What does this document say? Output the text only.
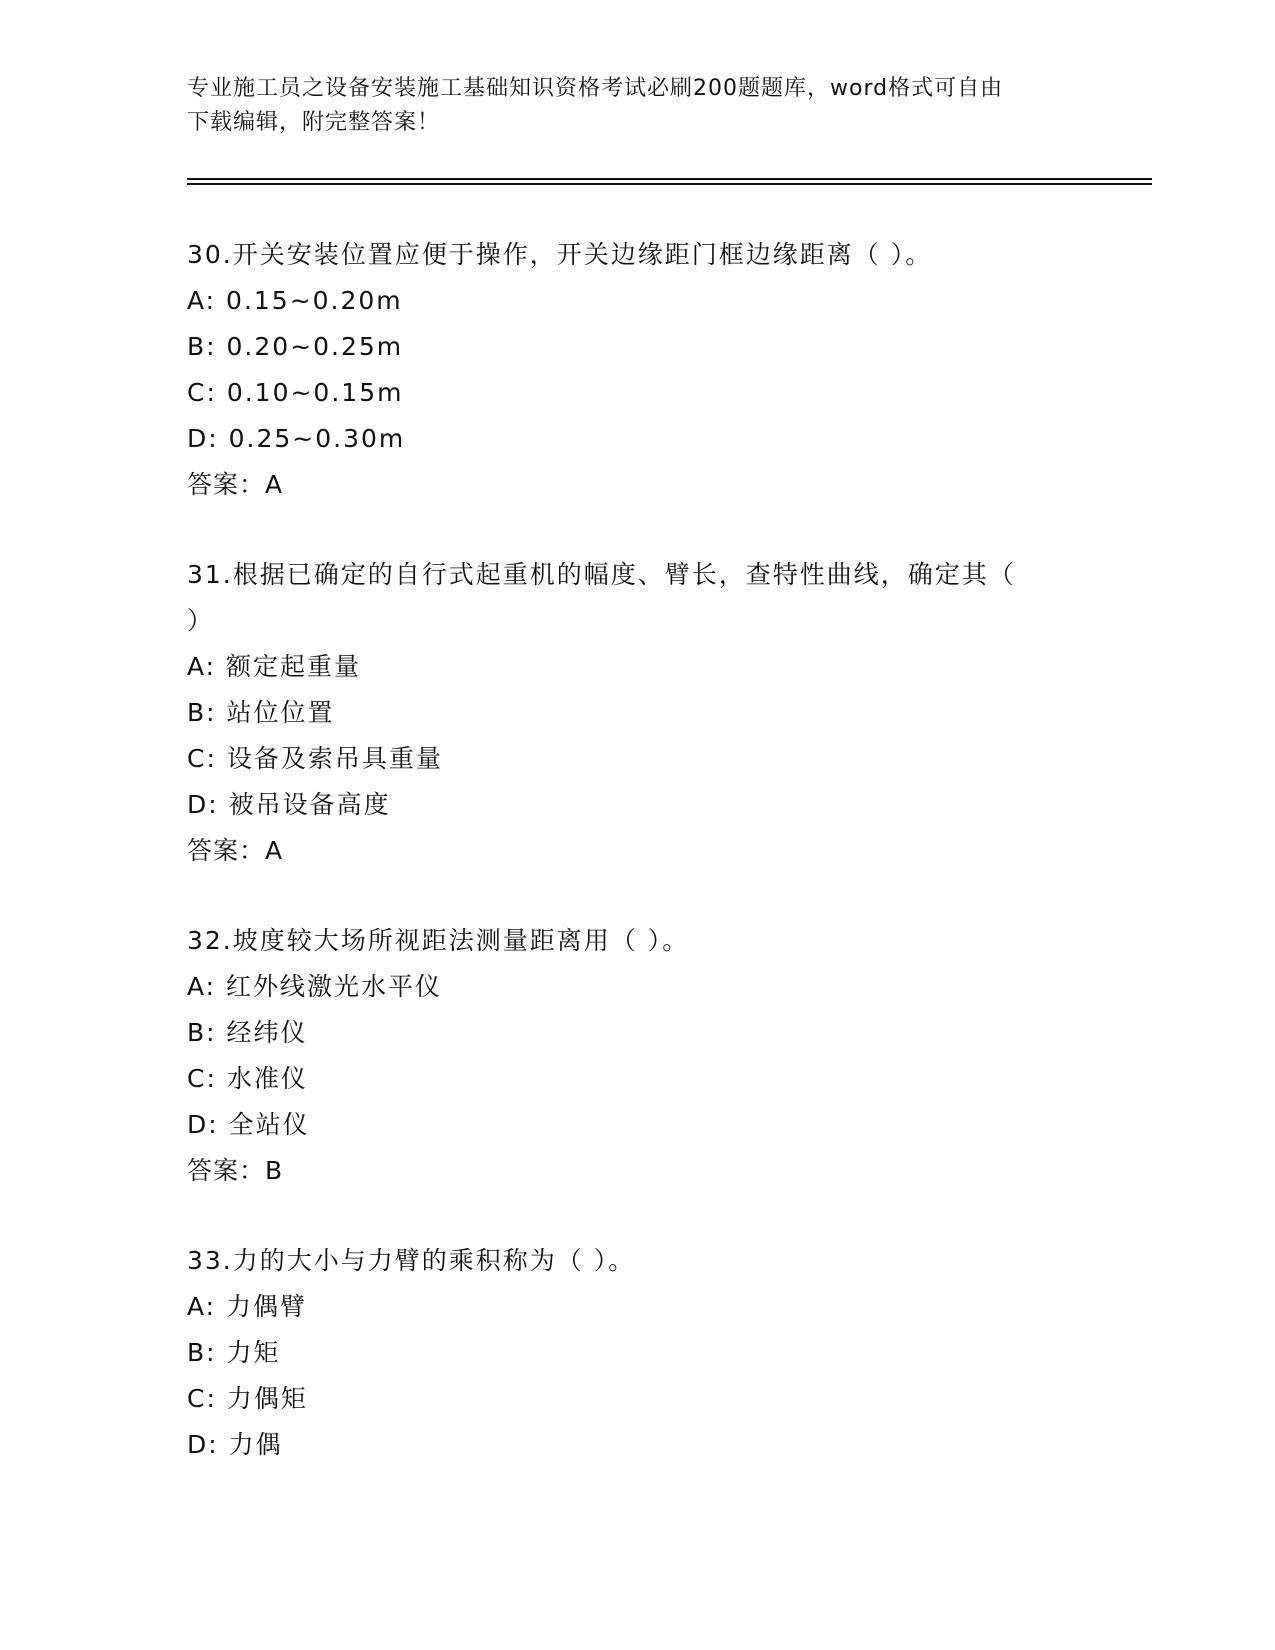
专业施工员之设备安装施工基础知识资格考试必刷200题题库，word格式可自由
下载编辑，附完整答案！

30.开关安装位置应便于操作，开关边缘距门框边缘距离（ ）。

A: 0.15~0.20m

B: 0.20~0.25m

C: 0.10~0.15m

D: 0.25~0.30m

答案：A

31.根据已确定的自行式起重机的幅度、臂长，查特性曲线，确定其（

）

A: 额定起重量

B: 站位位置

C: 设备及索吊具重量

D: 被吊设备高度

答案：A

32.坡度较大场所视距法测量距离用（ ）。

A: 红外线激光水平仪

B: 经纬仪

C: 水准仪

D: 全站仪

答案：B

33.力的大小与力臂的乘积称为（ ）。

A: 力偶臂

B: 力矩

C: 力偶矩

D: 力偶
